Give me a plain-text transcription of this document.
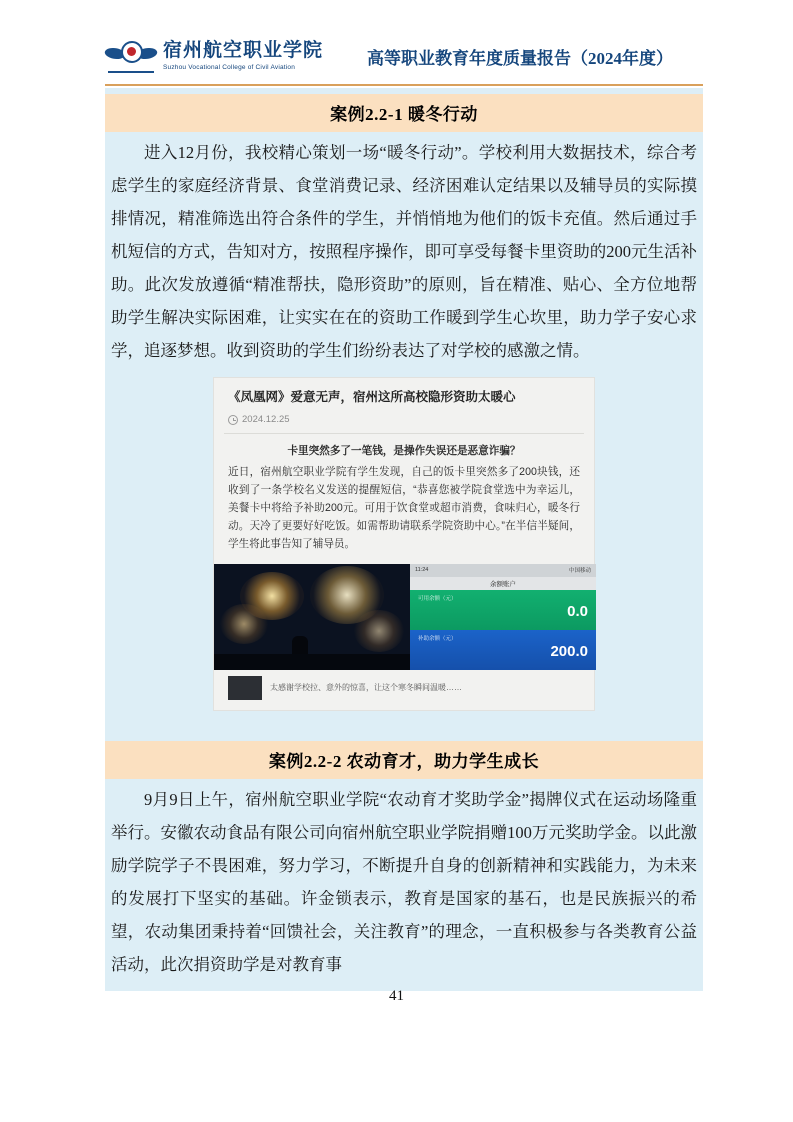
宿州航空职业学院
Suzhou Vocational College of Civil Aviation	高等职业教育年度质量报告（2024年度）
案例2.2-1 暖冬行动

进入12月份，我校精心策划一场“暖冬行动”。学校利用大数据技术，综合考虑学生的家庭经济背景、食堂消费记录、经济困难认定结果以及辅导员的实际摸排情况，精准筛选出符合条件的学生，并悄悄地为他们的饭卡充值。然后通过手机短信的方式，告知对方，按照程序操作，即可享受每餐卡里资助的200元生活补助。此次发放遵循“精准帮扶，隐形资助”的原则，旨在精准、贴心、全方位地帮助学生解决实际困难，让实实在在的资助工作暖到学生心坎里，助力学子安心求学，追逐梦想。收到资助的学生们纷纷表达了对学校的感激之情。

《凤凰网》爱意无声，宿州这所高校隐形资助太暖心
2024.12.25
卡里突然多了一笔钱，是操作失误还是恶意诈骗？
近日，宿州航空职业学院有学生发现，自己的饭卡里突然多了200块钱，还收到了一条学校名义发送的提醒短信，“恭喜您被学院食堂选中为幸运儿，美餐卡中将给予补助200元。可用于饮食堂或超市消费，食味归心，暖冬行动。天冷了更要好好吃饭。如需帮助请联系学院资助中心。”在半信半疑间，学生将此事告知了辅导员。
11:24	中国移动
余额账户
可用余额（元）
0.0
补助余额（元）
200.0
太感谢学校拉、意外的惊喜，让这个寒冬瞬间温暖……
案例2.2-2 农动育才，助力学生成长

9月9日上午，宿州航空职业学院“农动育才奖助学金”揭牌仪式在运动场隆重举行。安徽农动食品有限公司向宿州航空职业学院捐赠100万元奖助学金。以此激励学院学子不畏困难，努力学习，不断提升自身的创新精神和实践能力，为未来的发展打下坚实的基础。许金锁表示，教育是国家的基石，也是民族振兴的希望，农动集团秉持着“回馈社会，关注教育”的理念，一直积极参与各类教育公益活动，此次捐资助学是对教育事

41
